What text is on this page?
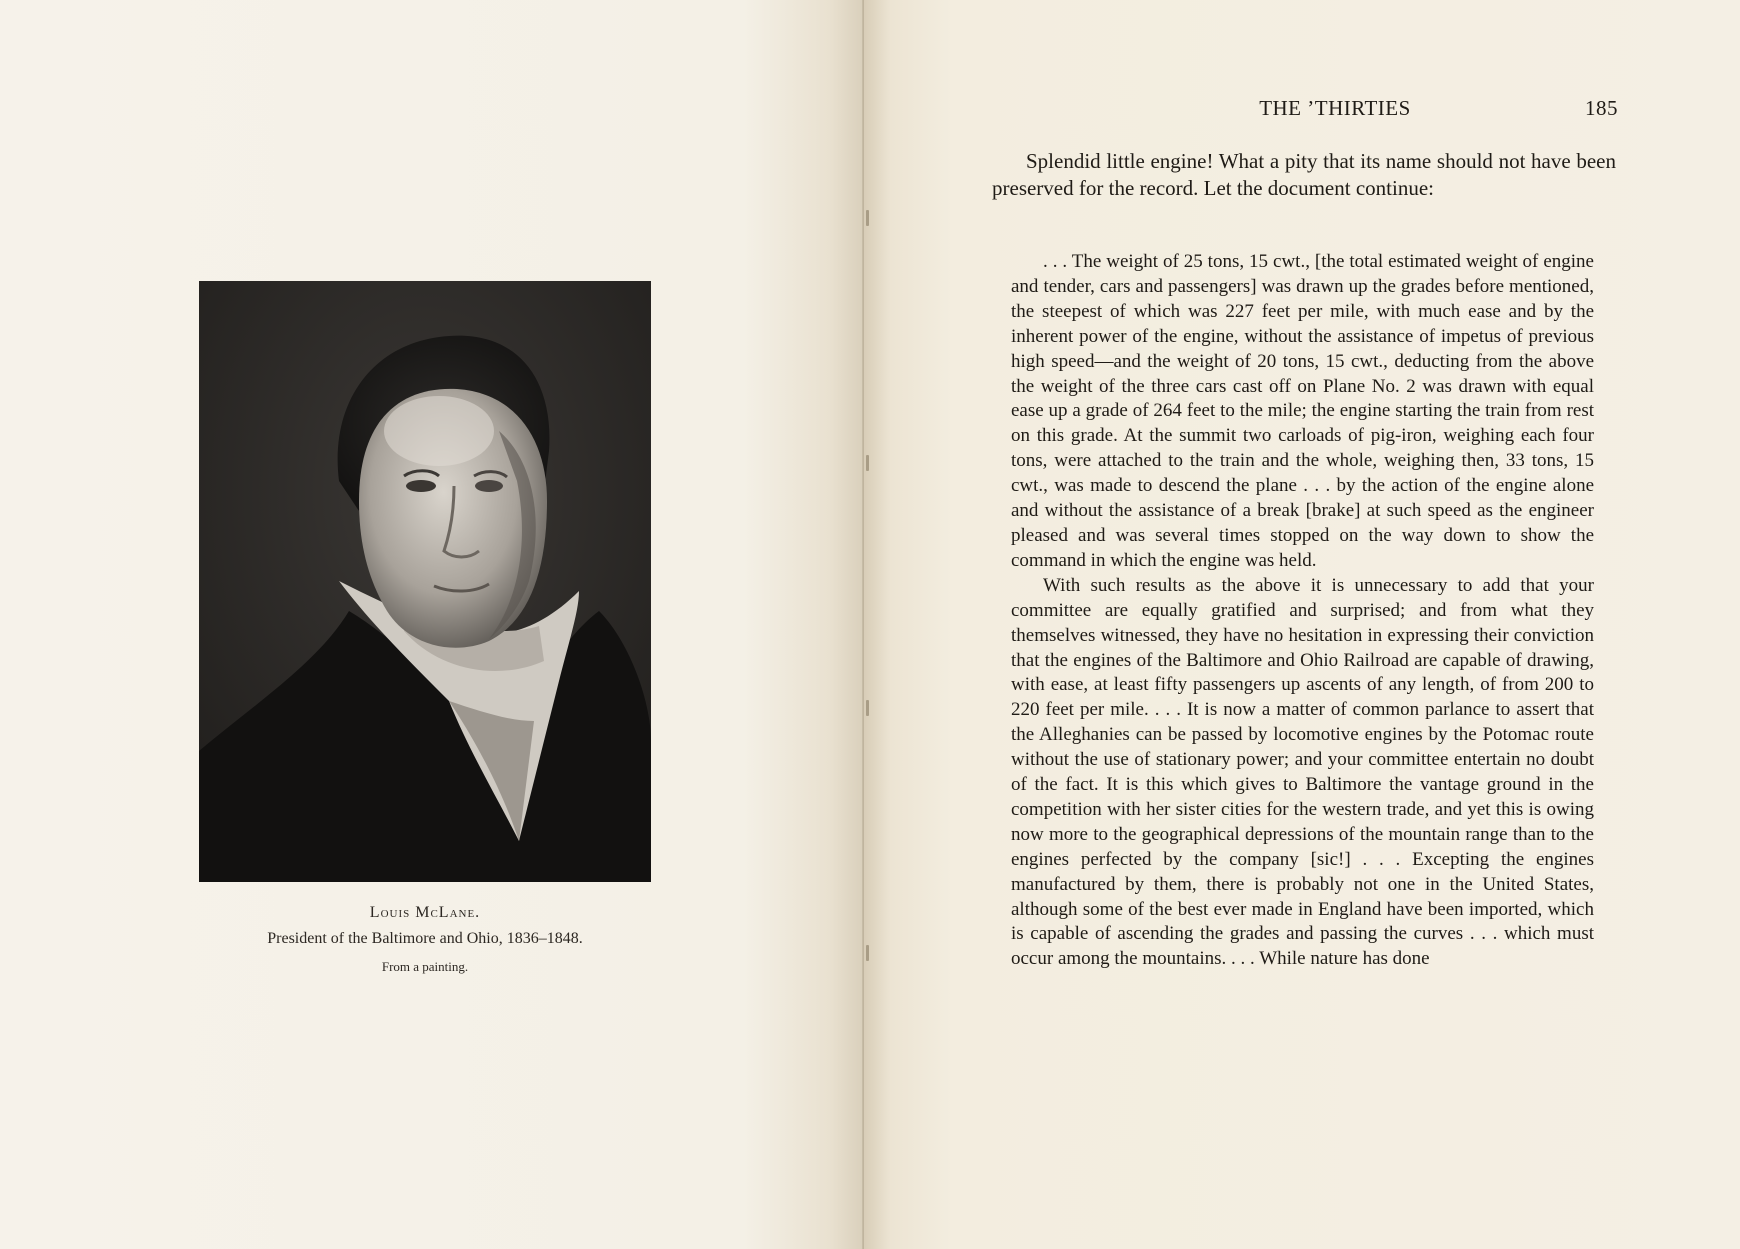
Louis McLane.
President of the Baltimore and Ohio, 1836–1848.
From a painting.
THE ’THIRTIES	185

Splendid little engine! What a pity that its name should not have been preserved for the record. Let the document continue:

. . . The weight of 25 tons, 15 cwt., [the total estimated weight of engine and tender, cars and passengers] was drawn up the grades before mentioned, the steepest of which was 227 feet per mile, with much ease and by the inherent power of the engine, without the assistance of impetus of previous high speed—and the weight of 20 tons, 15 cwt., deducting from the above the weight of the three cars cast off on Plane No. 2 was drawn with equal ease up a grade of 264 feet to the mile; the engine starting the train from rest on this grade. At the summit two carloads of pig-iron, weighing each four tons, were attached to the train and the whole, weighing then, 33 tons, 15 cwt., was made to descend the plane . . . by the action of the engine alone and without the assistance of a break [brake] at such speed as the engineer pleased and was several times stopped on the way down to show the command in which the engine was held.

With such results as the above it is unnecessary to add that your committee are equally gratified and surprised; and from what they themselves witnessed, they have no hesitation in expressing their conviction that the engines of the Baltimore and Ohio Railroad are capable of drawing, with ease, at least fifty passengers up ascents of any length, of from 200 to 220 feet per mile. . . . It is now a matter of common parlance to assert that the Alleghanies can be passed by locomotive engines by the Potomac route without the use of stationary power; and your committee entertain no doubt of the fact. It is this which gives to Baltimore the vantage ground in the competition with her sister cities for the western trade, and yet this is owing now more to the geographical depressions of the mountain range than to the engines perfected by the company [sic!] . . . Excepting the engines manufactured by them, there is probably not one in the United States, although some of the best ever made in England have been imported, which is capable of ascending the grades and passing the curves . . . which must occur among the mountains. . . . While nature has done
